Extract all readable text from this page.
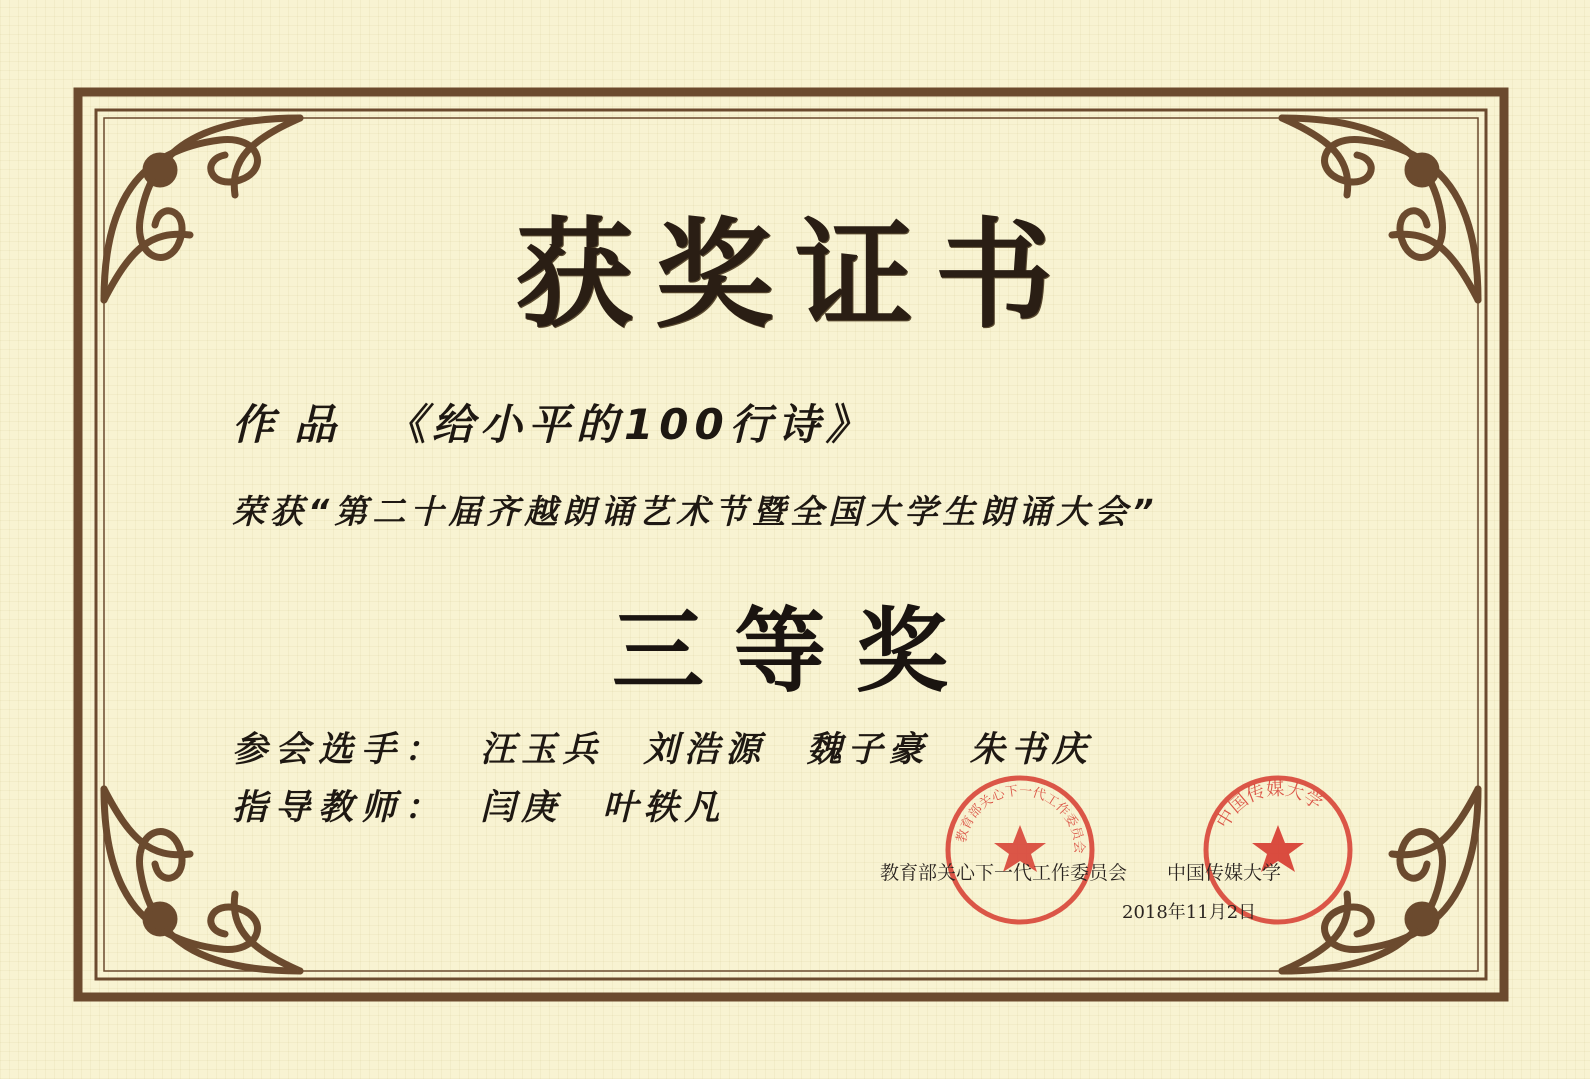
获奖证书
作品 《给小平的100行诗》
荣获“第二十届齐越朗诵艺术节暨全国大学生朗诵大会”
三等奖
参会选手： 汪玉兵 刘浩源 魏子豪 朱书庆
指导教师： 闫庚 叶轶凡
教育部关心下一代工作委员会
中国传媒大学
教育部关心下一代工作委员会 中国传媒大学
2018年11月2日
